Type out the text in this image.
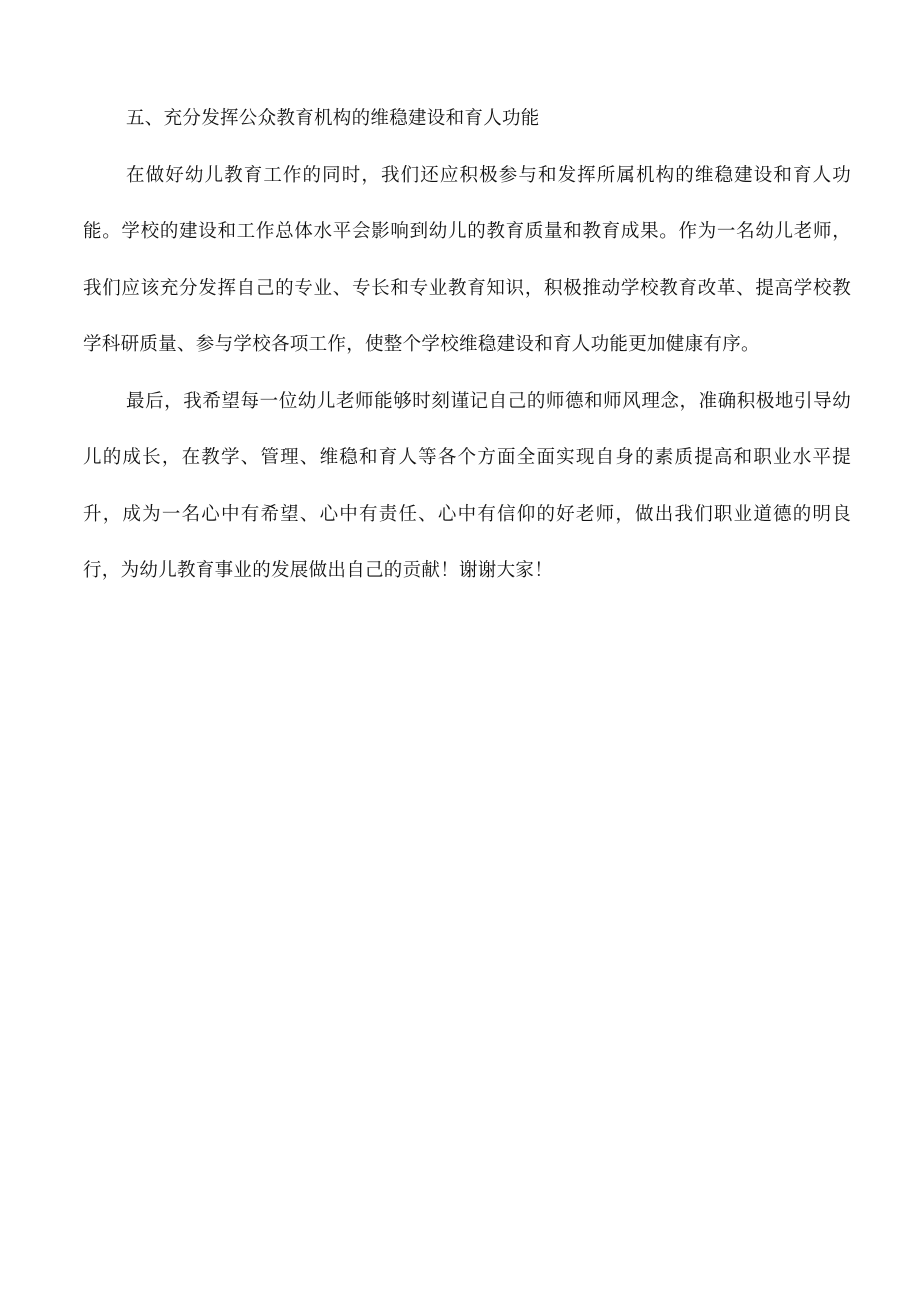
五、充分发挥公众教育机构的维稳建设和育人功能

在做好幼儿教育工作的同时，我们还应积极参与和发挥所属机构的维稳建设和育人功能。学校的建设和工作总体水平会影响到幼儿的教育质量和教育成果。作为一名幼儿老师，我们应该充分发挥自己的专业、专长和专业教育知识，积极推动学校教育改革、提高学校教学科研质量、参与学校各项工作，使整个学校维稳建设和育人功能更加健康有序。

最后，我希望每一位幼儿老师能够时刻谨记自己的师德和师风理念，准确积极地引导幼儿的成长，在教学、管理、维稳和育人等各个方面全面实现自身的素质提高和职业水平提升，成为一名心中有希望、心中有责任、心中有信仰的好老师，做出我们职业道德的明良行，为幼儿教育事业的发展做出自己的贡献！谢谢大家！
